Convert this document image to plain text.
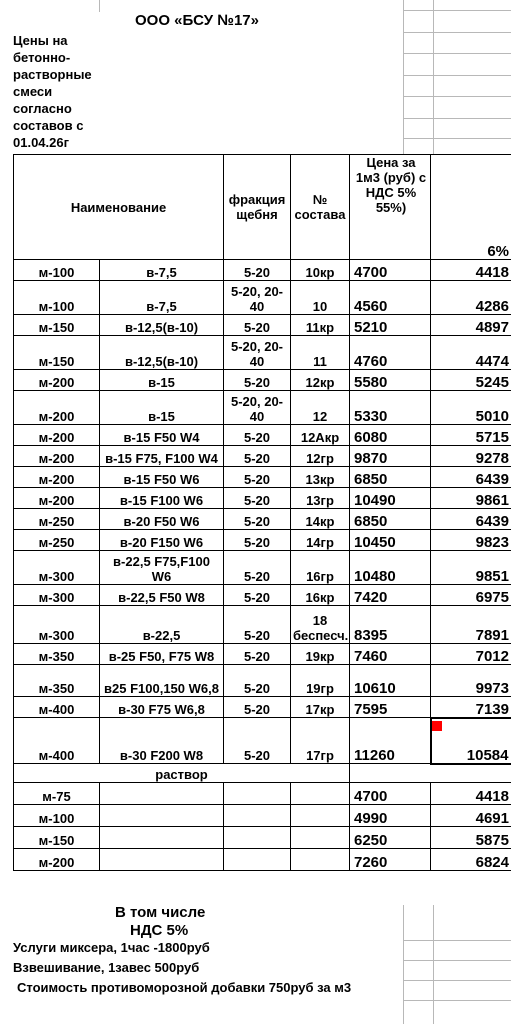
ООО «БСУ №17»
Цены на бетонно-растворные смеси согласно составов с 01.04.26г
Наименование		фракция щебня	№ состава	Цена за 1м3 (руб) с НДС 5% 55%)	6%
м-100	в-7,5	5-20	10кр	4700	4418
м-100	в-7,5	5-20, 20-40	10	4560	4286
м-150	в-12,5(в-10)	5-20	11кр	5210	4897
м-150	в-12,5(в-10)	5-20, 20-40	11	4760	4474
м-200	в-15	5-20	12кр	5580	5245
м-200	в-15	5-20, 20-40	12	5330	5010
м-200	в-15 F50 W4	5-20	12Акр	6080	5715
м-200	в-15 F75, F100 W4	5-20	12гр	9870	9278
м-200	в-15 F50 W6	5-20	13кр	6850	6439
м-200	в-15 F100 W6	5-20	13гр	10490	9861
м-250	в-20 F50 W6	5-20	14кр	6850	6439
м-250	в-20 F150 W6	5-20	14гр	10450	9823
м-300	в-22,5 F75,F100 W6	5-20	16гр	10480	9851
м-300	в-22,5 F50 W8	5-20	16кр	7420	6975
м-300	в-22,5	5-20	18 беспесч.	8395	7891
м-350	в-25 F50, F75 W8	5-20	19кр	7460	7012
м-350	в25 F100,150 W6,8	5-20	19гр	10610	9973
м-400	в-30 F75 W6,8	5-20	17кр	7595	7139
м-400	в-30 F200 W8	5-20	17гр	11260	10584
раствор					
м-75				4700	4418
м-100				4990	4691
м-150				6250	5875
м-200				7260	6824
В том числе
НДС 5%
Услуги миксера, 1час -1800руб
Взвешивание, 1завес 500руб
Стоимость противоморозной добавки 750руб за м3
